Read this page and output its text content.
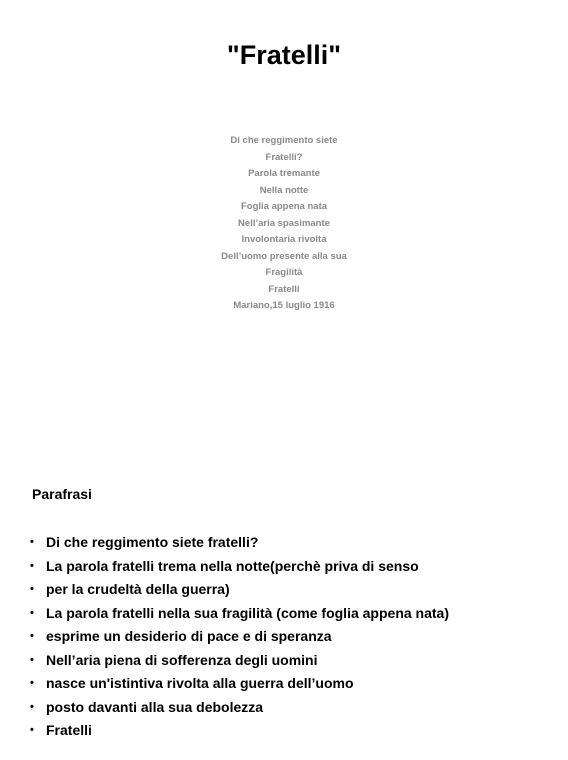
"Fratelli"
Di che reggimento siete
Fratelli?
Parola tremante
Nella notte
Foglia appena nata
Nell’aria spasimante
Involontaria rivolta
Dell’uomo presente alla sua
Fragilità
Fratelli
Mariano,15 luglio 1916
Parafrasi
• Di che reggimento siete fratelli?
• La parola fratelli trema nella notte(perchè priva di senso
• per la crudeltà della guerra)
• La parola fratelli nella sua fragilità (come foglia appena nata)
• esprime un desiderio di pace e di speranza
• Nell’aria piena di sofferenza degli uomini
• nasce un'istintiva rivolta alla guerra dell’uomo
• posto davanti alla sua debolezza
• Fratelli
